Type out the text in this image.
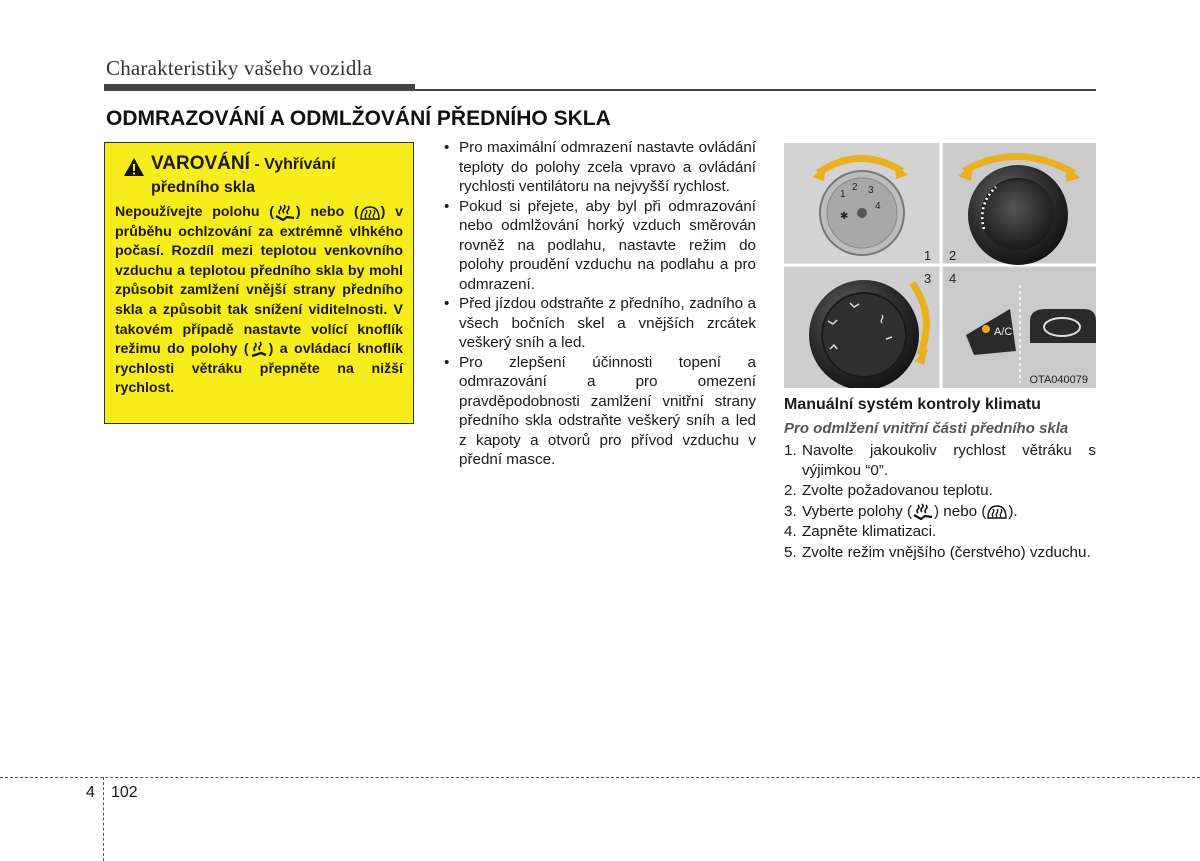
Charakteristiky vašeho vozidla
ODMRAZOVÁNÍ A ODMLŽOVÁNÍ PŘEDNÍHO SKLA
VAROVÁNÍ - Vyhřívání
předního skla
Nepoužívejte polohu ( ) nebo ( ) v průběhu ochlzování za extrémně vlhkého počasí. Rozdíl mezi teplotou venkovního vzduchu a teplotou předního skla by mohl způsobit zamlžení vnější strany předního skla a způsobit tak snížení viditelnosti. V takovém případě nastavte volící knoflík režimu do polohy ( ) a ovládací knoflík rychlosti větráku přepněte na nižší rychlost.
• Pro maximální odmrazení nastavte ovládání teploty do polohy zcela vpravo a ovládání rychlosti ventilátoru na nejvyšší rychlost.
• Pokud si přejete, aby byl při odmrazování nebo odmlžování horký vzduch směrován rovněž na podlahu, nastavte režim do polohy proudění vzduchu na podlahu a pro odmrazení.
• Před jízdou odstraňte z předního, zadního a všech bočních skel a vnějších zrcátek veškerý sníh a led.
• Pro zlepšení účinnosti topení a odmrazování a pro omezení pravděpodobnosti zamlžení vnitřní strany předního skla odstraňte veškerý sníh a led z kapoty a otvorů pro přívod vzduchu v přední masce.
1
2 3
4
✱
1 2
3 4
A/C
OTA040079
Manuální systém kontroly klimatu
Pro odmlžení vnitřní části předního skla
1. Navolte jakoukoliv rychlost větráku s výjimkou “0”.
2. Zvolte požadovanou teplotu.
3. Vyberte polohy ( ) nebo ( ).
4. Zapněte klimatizaci.
5. Zvolte režim vnějšího (čerstvého) vzduchu.
4 102
